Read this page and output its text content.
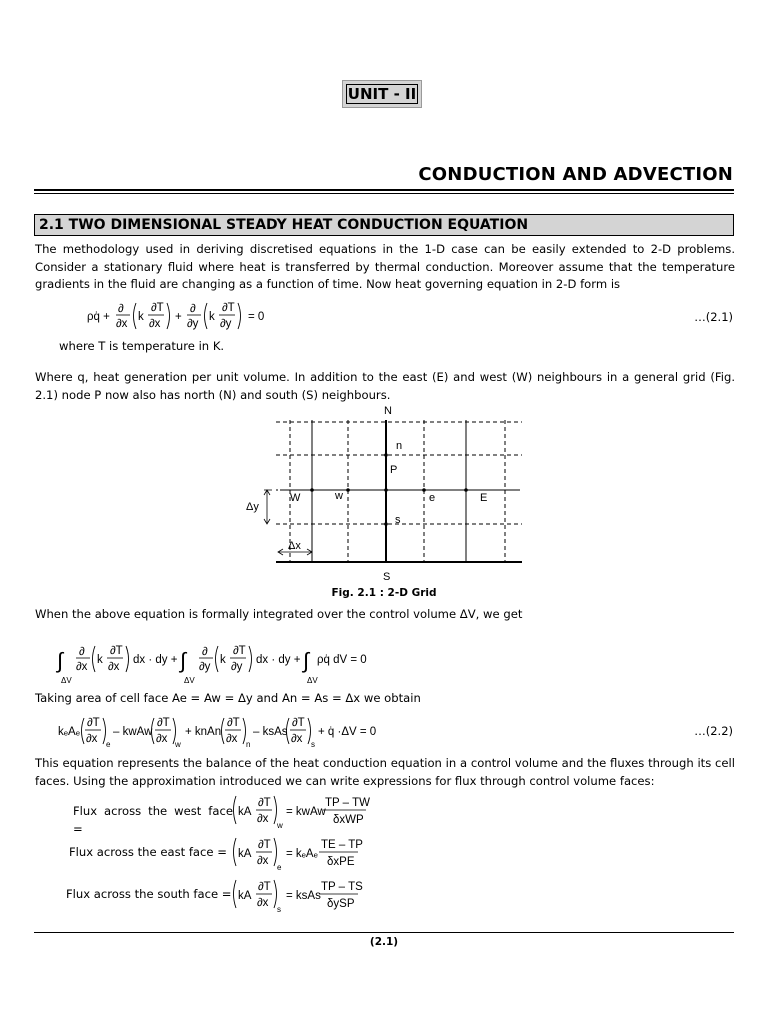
UNIT - II
CONDUCTION AND ADVECTION
2.1 TWO DIMENSIONAL STEADY HEAT CONDUCTION EQUATION
The methodology used in deriving discretised equations in the 1-D case can be easily extended to 2-D problems. Consider a stationary fluid where heat is transferred by thermal conduction. Moreover assume that the temperature gradients in the fluid are changing as a function of time. Now heat governing equation in 2-D form is
ρq̇ +
∂
∂x
k
∂T
∂x
+
∂
∂y
k
∂T
∂y
= 0	…(2.1)
where T is temperature in K.
Where q, heat generation per unit volume. In addition to the east (E) and west (W) neighbours in a general grid (Fig. 2.1) node P now also has north (N) and south (S) neighbours.
N
S
n
P
W	w	e	E
s
Δy
Δx
Fig. 2.1 : 2-D Grid
When the above equation is formally integrated over the control volume ΔV, we get
∫
ΔV
∂
∂x
k
∂T
∂x
dx · dy + ∫
ΔV
∂
∂y
k
∂T
∂y
dx · dy + ∫
ΔV
ρq̇ dV = 0
Taking area of cell face Ae = Aw = Δy and An = As = Δx we obtain
kₑAₑ
∂T
∂x e
– kwAw
∂T
∂x w
+ knAn
∂T
∂x n
– ksAs
∂T
∂x s
+ q̇ ·ΔV = 0	…(2.2)
This equation represents the balance of the heat conduction equation in a control volume and the fluxes through its cell faces. Using the approximation introduced we can write expressions for flux through control volume faces:
Flux across the west face =
kA
∂T
∂x
w
= kwAw
TP – TW
δxWP
Flux across the east face = kA
∂T
∂x
e
= kₑAₑ
TE – TP
δxPE
Flux across the south face = kA
∂T
∂x
s
= ksAs
TP – TS
δySP
(2.1)
